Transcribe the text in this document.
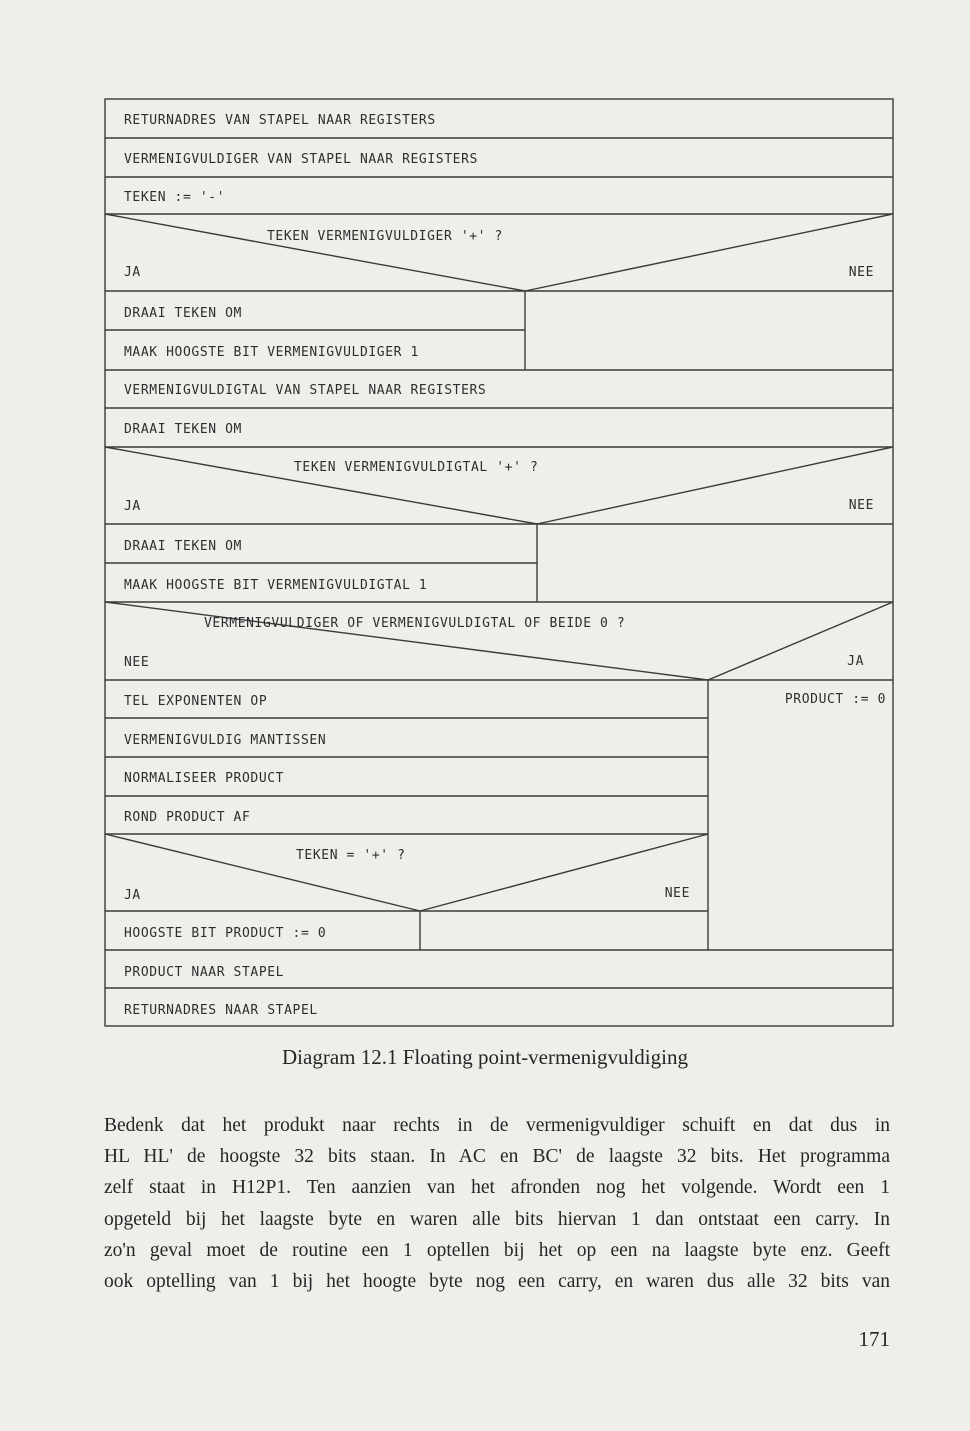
RETURNADRES VAN STAPEL NAAR REGISTERS
VERMENIGVULDIGER VAN STAPEL NAAR REGISTERS
TEKEN := '-'
TEKEN VERMENIGVULDIGER '+' ?
JA	NEE
DRAAI TEKEN OM
MAAK HOOGSTE BIT VERMENIGVULDIGER 1
VERMENIGVULDIGTAL VAN STAPEL NAAR REGISTERS
DRAAI TEKEN OM
TEKEN VERMENIGVULDIGTAL '+' ?
JA	NEE
DRAAI TEKEN OM
MAAK HOOGSTE BIT VERMENIGVULDIGTAL 1
VERMENIGVULDIGER OF VERMENIGVULDIGTAL OF BEIDE 0 ?
NEE	JA
TEL EXPONENTEN OP	PRODUCT := 0
VERMENIGVULDIG MANTISSEN
NORMALISEER PRODUCT
ROND PRODUCT AF
TEKEN = '+' ?
JA	NEE
HOOGSTE BIT PRODUCT := 0
PRODUCT NAAR STAPEL
RETURNADRES NAAR STAPEL
Diagram 12.1 Floating point-vermenigvuldiging

Bedenk dat het produkt naar rechts in de vermenigvuldiger schuift en dat dus in
HL HL' de hoogste 32 bits staan. In AC en BC' de laagste 32 bits. Het programma
zelf staat in H12P1. Ten aanzien van het afronden nog het volgende. Wordt een 1
opgeteld bij het laagste byte en waren alle bits hiervan 1 dan ontstaat een carry. In
zo'n geval moet de routine een 1 optellen bij het op een na laagste byte enz. Geeft
ook optelling van 1 bij het hoogte byte nog een carry, en waren dus alle 32 bits van

171
